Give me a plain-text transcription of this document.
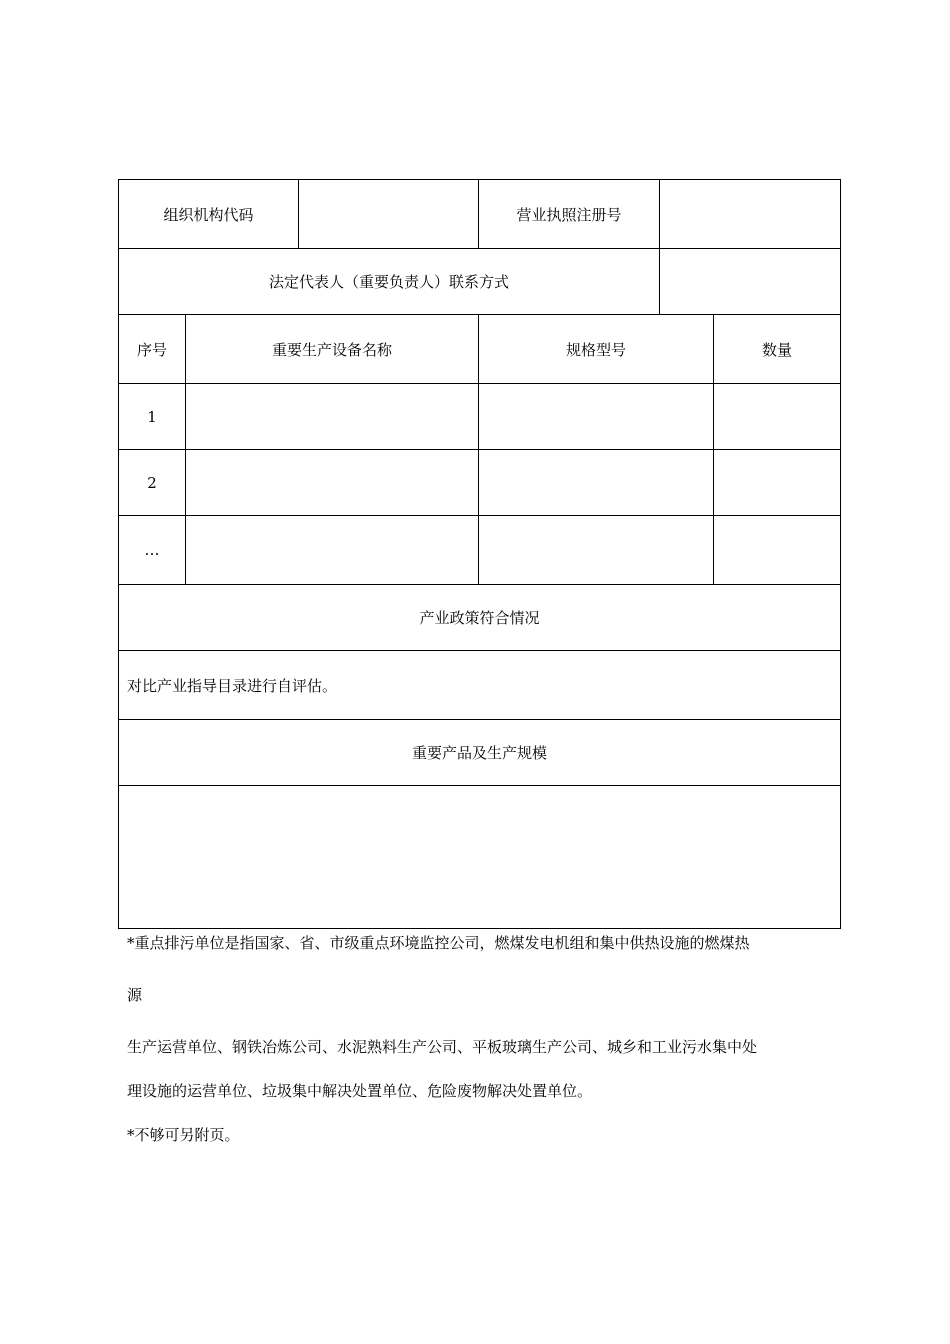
组织机构代码			营业执照注册号		
法定代表人（重要负责人）联系方式					
序号	重要生产设备名称		规格型号		数量
1					
2					
…					
产业政策符合情况					
对比产业指导目录进行自评估。					
重要产品及生产规模					

*重点排污单位是指国家、省、市级重点环境监控公司，燃煤发电机组和集中供热设施的燃煤热

源

生产运营单位、钢铁冶炼公司、水泥熟料生产公司、平板玻璃生产公司、城乡和工业污水集中处

理设施的运营单位、垃圾集中解决处置单位、危险废物解决处置单位。

*不够可另附页。
